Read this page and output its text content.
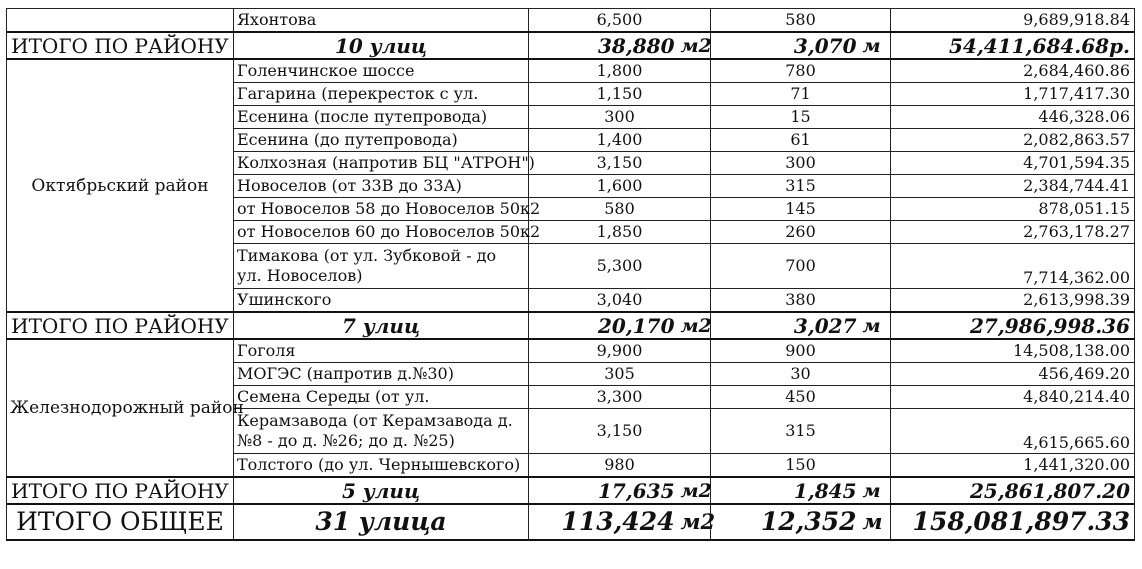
	Яхонтова	6,500		580		9,689,918.84
ИТОГО ПО РАЙОНУ	10 улиц	38,880	м2	3,070	м	54,411,684.68р.
Октябрьский район	Голенчинское шоссе	1,800		780		2,684,460.86
	Гагарина (перекресток с ул.	1,150		71		1,717,417.30
	Есенина (после путепровода)	300		15		446,328.06
	Есенина (до путепровода)	1,400		61		2,082,863.57
	Колхозная (напротив БЦ "АТРОН")	3,150		300		4,701,594.35
	Новоселов (от 33В до 33А)	1,600		315		2,384,744.41
	от Новоселов 58 до Новоселов 50к2	580		145		878,051.15
	от Новоселов 60 до Новоселов 50к2	1,850		260		2,763,178.27
	Тимакова (от ул. Зубковой - до ул. Новоселов)	5,300		700		7,714,362.00
	Ушинского	3,040		380		2,613,998.39
ИТОГО ПО РАЙОНУ	7 улиц	20,170	м2	3,027	м	27,986,998.36
Железнодорожный район	Гоголя	9,900		900		14,508,138.00
	МОГЭС (напротив д.№30)	305		30		456,469.20
	Семена Середы (от ул.	3,300		450		4,840,214.40
	Керамзавода (от Керамзавода д. №8 - до д. №26; до д. №25)	3,150		315		4,615,665.60
	Толстого (до ул. Чернышевского)	980		150		1,441,320.00
ИТОГО ПО РАЙОНУ	5 улиц	17,635	м2	1,845	м	25,861,807.20
ИТОГО ОБЩЕЕ	31 улица	113,424	м2	12,352	м	158,081,897.33
